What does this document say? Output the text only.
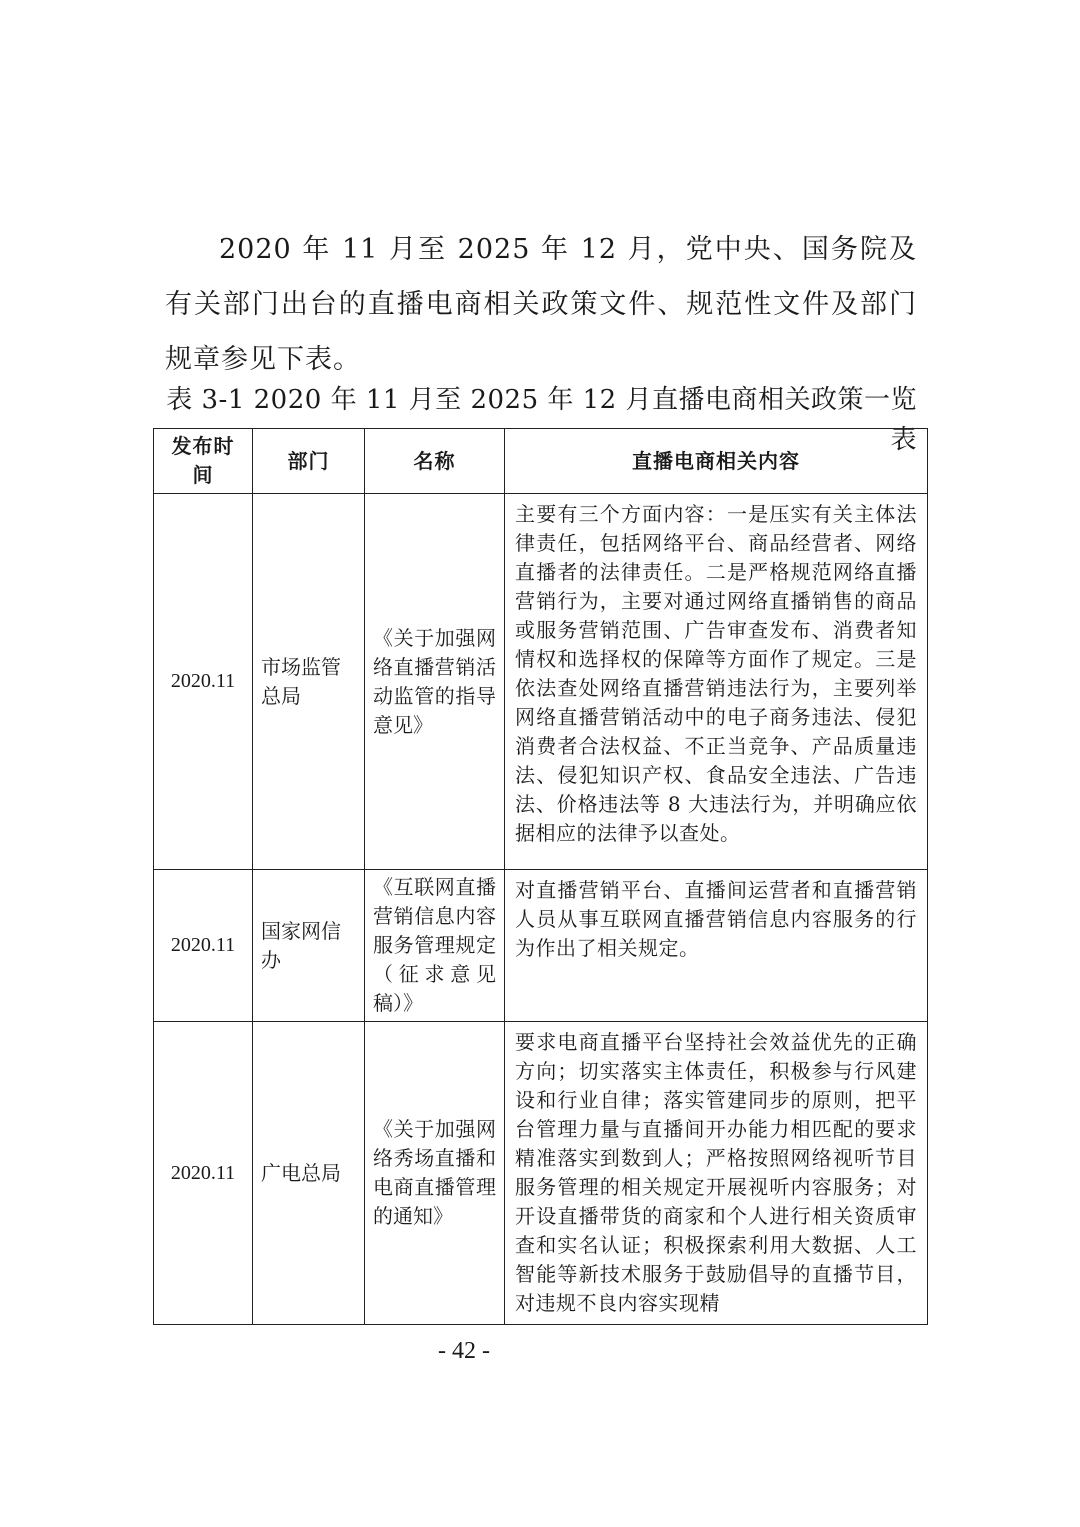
2020 年 11 月至 2025 年 12 月，党中央、国务院及有关部门出台的直播电商相关政策文件、规范性文件及部门规章参见下表。

表 3-1 2020 年 11 月至 2025 年 12 月直播电商相关政策一览表

发布时间	部门	名称	直播电商相关内容
2020.11	市场监管总局	《关于加强网络直播营销活动监管的指导意见》	主要有三个方面内容：一是压实有关主体法律责任，包括网络平台、商品经营者、网络直播者的法律责任。二是严格规范网络直播营销行为，主要对通过网络直播销售的商品或服务营销范围、广告审查发布、消费者知情权和选择权的保障等方面作了规定。三是依法查处网络直播营销违法行为，主要列举网络直播营销活动中的电子商务违法、侵犯消费者合法权益、不正当竞争、产品质量违法、侵犯知识产权、食品安全违法、广告违法、价格违法等 8 大违法行为，并明确应依据相应的法律予以查处。
2020.11	国家网信办	《互联网直播营销信息内容服务管理规定（征求意见稿）》	对直播营销平台、直播间运营者和直播营销人员从事互联网直播营销信息内容服务的行为作出了相关规定。
2020.11	广电总局	《关于加强网络秀场直播和电商直播管理的通知》	要求电商直播平台坚持社会效益优先的正确方向；切实落实主体责任，积极参与行风建设和行业自律；落实管建同步的原则，把平台管理力量与直播间开办能力相匹配的要求精准落实到数到人；严格按照网络视听节目服务管理的相关规定开展视听内容服务；对开设直播带货的商家和个人进行相关资质审查和实名认证；积极探索利用大数据、人工智能等新技术服务于鼓励倡导的直播节目，对违规不良内容实现精
- 42 -
